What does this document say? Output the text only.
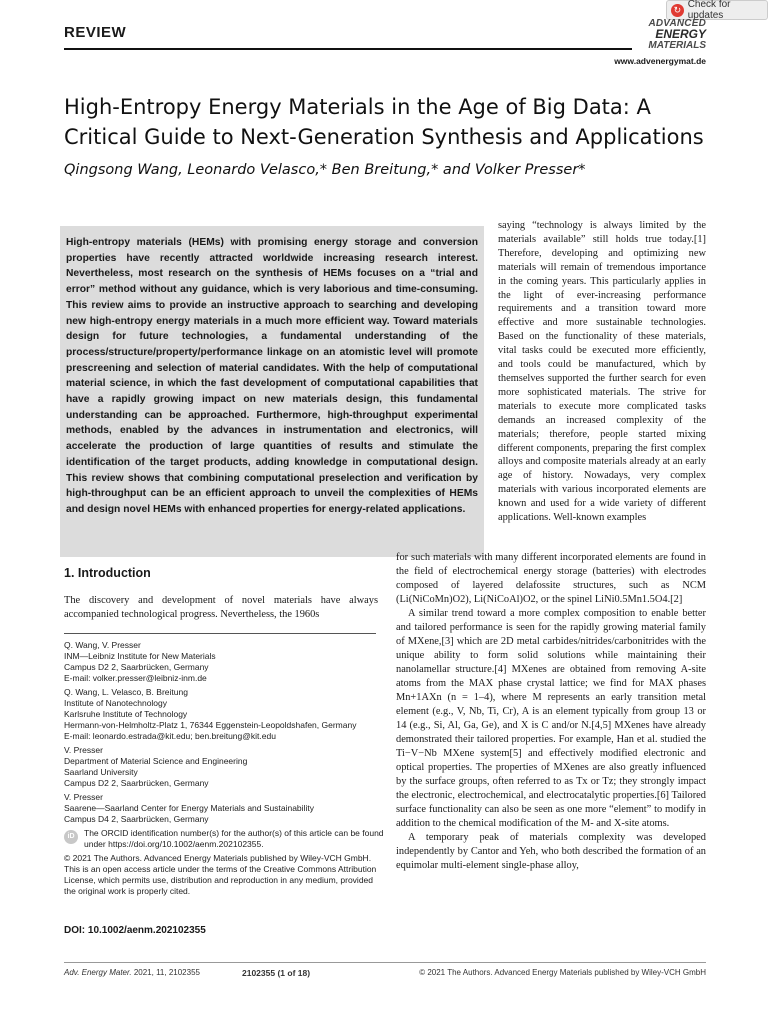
REVIEW
↻ Check for updates
ADVANCED
ENERGY
MATERIALS
www.advenergymat.de
High-Entropy Energy Materials in the Age of Big Data: A Critical Guide to Next-Generation Synthesis and Applications
Qingsong Wang, Leonardo Velasco,* Ben Breitung,* and Volker Presser*

High-entropy materials (HEMs) with promising energy storage and conversion properties have recently attracted worldwide increasing research interest. Nevertheless, most research on the synthesis of HEMs focuses on a “trial and error” method without any guidance, which is very laborious and time-consuming. This review aims to provide an instructive approach to searching and developing new high-entropy energy materials in a much more efficient way. Toward materials design for future technologies, a fundamental understanding of the process/structure/property/performance linkage on an atomistic level will promote prescreening and selection of material candidates. With the help of computational material science, in which the fast development of computational capabilities that have a rapidly growing impact on new materials design, this fundamental understanding can be approached. Furthermore, high-throughput experimental methods, enabled by the advances in instrumentation and electronics, will accelerate the production of large quantities of results and stimulate the identification of the target products, adding knowledge in computational design. This review shows that combining computational preselection and verification by high-throughput can be an efficient approach to unveil the complexities of HEMs and design novel HEMs with enhanced properties for energy-related applications.

saying “technology is always limited by the materials available” still holds true today.[1] Therefore, developing and optimizing new materials will remain of tremendous importance in the coming years. This particularly applies in the light of ever-increasing performance requirements and a transition toward more effective and more sustainable technologies. Based on the functionality of these materials, vital tasks could be executed more efficiently, and tools could be manufactured, which by themselves supported the further search for even more sophisticated materials. The strive for materials to execute more complicated tasks demands an increased complexity of the materials; therefore, people started mixing different components, preparing the first complex alloys and composite materials already at an early age of history. Nowadays, very complex materials with various incorporated elements are known and used for a wide variety of different applications. Well-known examples

for such materials with many different incorporated elements are found in the field of electrochemical energy storage (batteries) with electrodes composed of layered delafossite structures, such as NCM (Li(NiCoMn)O2), Li(NiCoAl)O2, or the spinel LiNi0.5Mn1.5O4.[2]

A similar trend toward a more complex composition to enable better and tailored performance is seen for the rapidly growing material family of MXene,[3] which are 2D metal carbides/nitrides/carbonitrides with the unique ability to form solid solutions while maintaining their nanolamellar structure.[4] MXenes are obtained from removing A-site atoms from the MAX phase crystal lattice; we find for MAX phases Mn+1AXn (n = 1–4), where M represents an early transition metal element (e.g., V, Nb, Ti, Cr), A is an element typically from group 13 or 14 (e.g., Si, Al, Ga, Ge), and X is C and/or N.[4,5] MXenes have already demonstrated their tailored properties. For example, Han et al. studied the Ti−V−Nb MXene system[5] and effectively modified electronic and optical properties. The properties of MXenes are also greatly influenced by the surface groups, often referred to as Tx or Tz; they strongly impact the electronic, electrochemical, and electrocatalytic properties.[6] Tailored surface functionality can also be seen as one more “element” to modify in addition to the chemical modification of the M- and X-site atoms.

A temporary peak of materials complexity was developed independently by Cantor and Yeh, who both described the formation of an equimolar multi-element single-phase alloy,

1. Introduction

The discovery and development of novel materials have always accompanied technological progress. Nevertheless, the 1960s

Q. Wang, V. Presser
INM—Leibniz Institute for New Materials
Campus D2 2, Saarbrücken, Germany
E-mail: volker.presser@leibniz-inm.de
Q. Wang, L. Velasco, B. Breitung
Institute of Nanotechnology
Karlsruhe Institute of Technology
Hermann-von-Helmholtz-Platz 1, 76344 Eggenstein-Leopoldshafen, Germany
E-mail: leonardo.estrada@kit.edu; ben.breitung@kit.edu
V. Presser
Department of Material Science and Engineering
Saarland University
Campus D2 2, Saarbrücken, Germany
V. Presser
Saarene—Saarland Center for Energy Materials and Sustainability
Campus D4 2, Saarbrücken, Germany
iD	The ORCID identification number(s) for the author(s) of this article can be found under https://doi.org/10.1002/aenm.202102355.
© 2021 The Authors. Advanced Energy Materials published by Wiley-VCH GmbH. This is an open access article under the terms of the Creative Commons Attribution License, which permits use, distribution and reproduction in any medium, provided the original work is properly cited.
DOI: 10.1002/aenm.202102355
Adv. Energy Mater. 2021, 11, 2102355	2102355 (1 of 18)	© 2021 The Authors. Advanced Energy Materials published by Wiley-VCH GmbH
